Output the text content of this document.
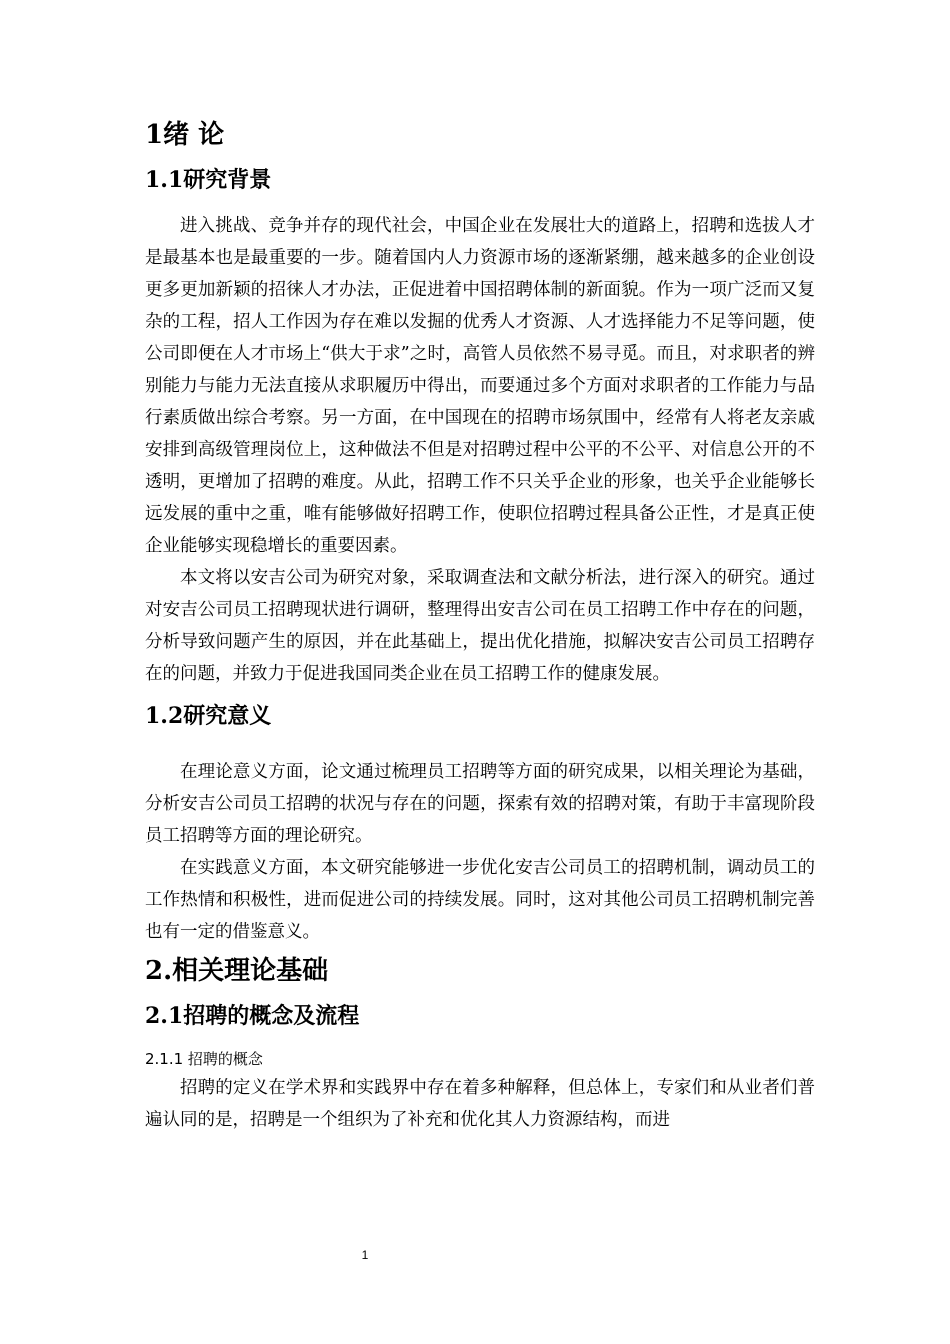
1绪 论
1.1研究背景

进入挑战、竞争并存的现代社会，中国企业在发展壮大的道路上，招聘和选拔人才是最基本也是最重要的一步。随着国内人力资源市场的逐渐紧绷，越来越多的企业创设更多更加新颖的招徕人才办法，正促进着中国招聘体制的新面貌。作为一项广泛而又复杂的工程，招人工作因为存在难以发掘的优秀人才资源、人才选择能力不足等问题，使公司即便在人才市场上“供大于求”之时，高管人员依然不易寻觅。而且，对求职者的辨别能力与能力无法直接从求职履历中得出，而要通过多个方面对求职者的工作能力与品行素质做出综合考察。另一方面，在中国现在的招聘市场氛围中，经常有人将老友亲戚安排到高级管理岗位上，这种做法不但是对招聘过程中公平的不公平、对信息公开的不透明，更增加了招聘的难度。从此，招聘工作不只关乎企业的形象，也关乎企业能够长远发展的重中之重，唯有能够做好招聘工作，使职位招聘过程具备公正性，才是真正使企业能够实现稳增长的重要因素。

本文将以安吉公司为研究对象，采取调查法和文献分析法，进行深入的研究。通过对安吉公司员工招聘现状进行调研，整理得出安吉公司在员工招聘工作中存在的问题，分析导致问题产生的原因，并在此基础上，提出优化措施，拟解决安吉公司员工招聘存在的问题，并致力于促进我国同类企业在员工招聘工作的健康发展。

1.2研究意义

在理论意义方面，论文通过梳理员工招聘等方面的研究成果，以相关理论为基础，分析安吉公司员工招聘的状况与存在的问题，探索有效的招聘对策，有助于丰富现阶段员工招聘等方面的理论研究。

在实践意义方面，本文研究能够进一步优化安吉公司员工的招聘机制，调动员工的工作热情和积极性，进而促进公司的持续发展。同时，这对其他公司员工招聘机制完善也有一定的借鉴意义。

2.相关理论基础
2.1招聘的概念及流程
2.1.1 招聘的概念

招聘的定义在学术界和实践界中存在着多种解释，但总体上，专家们和从业者们普遍认同的是，招聘是一个组织为了补充和优化其人力资源结构，而进

1
